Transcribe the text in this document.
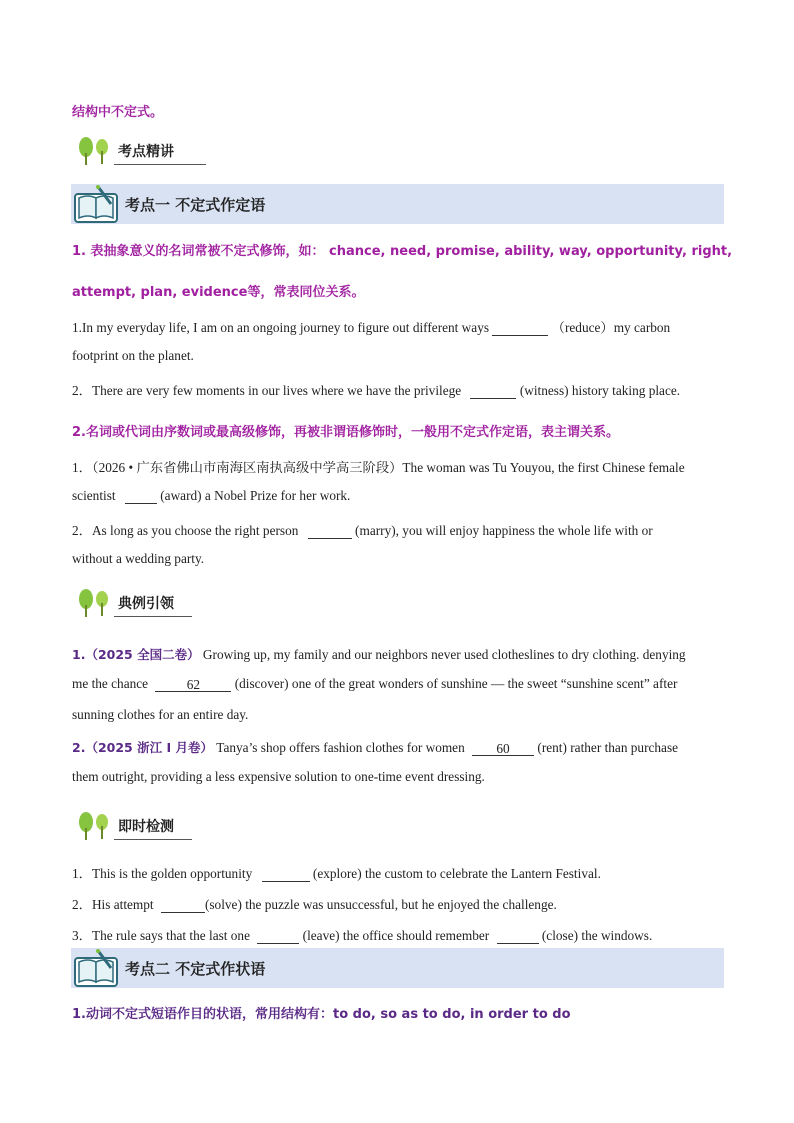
结构中不定式。
考点精讲
考点一 不定式作定语
1. 表抽象意义的名词常被不定式修饰，如： chance, need, promise, ability, way, opportunity, right,
attempt, plan, evidence等，常表同位关系。
1.In my everyday life, I am on an ongoing journey to figure out different ways	（reduce）my carbon
footprint on the planet.
2．There are very few moments in our lives where we have the privilege	(witness) history taking place.
2.名词或代词由序数词或最高级修饰，再被非谓语修饰时，一般用不定式作定语，表主谓关系。
1．（2026 • 广东省佛山市南海区南执高级中学高三阶段）The woman was Tu Youyou, the first Chinese female
scientist	(award) a Nobel Prize for her work.
2．As long as you choose the right person	(marry), you will enjoy happiness the whole life with or
without a wedding party.
典例引领
1.（2025 全国二卷） Growing up, my family and our neighbors never used clotheslines to dry clothing. denying
me the chance	62	(discover) one of the great wonders of sunshine — the sweet “sunshine scent” after
sunning clothes for an entire day.
2.（2025 浙江 I 月卷） Tanya’s shop offers fashion clothes for women 60 (rent) rather than purchase
them outright, providing a less expensive solution to one-time event dressing.
即时检测
1．This is the golden opportunity	(explore) the custom to celebrate the Lantern Festival.
2．His attempt	(solve) the puzzle was unsuccessful, but he enjoyed the challenge.
3．The rule says that the last one	(leave) the office should remember	(close) the windows.
考点二 不定式作状语
1.动词不定式短语作目的状语，常用结构有：to do, so as to do, in order to do
